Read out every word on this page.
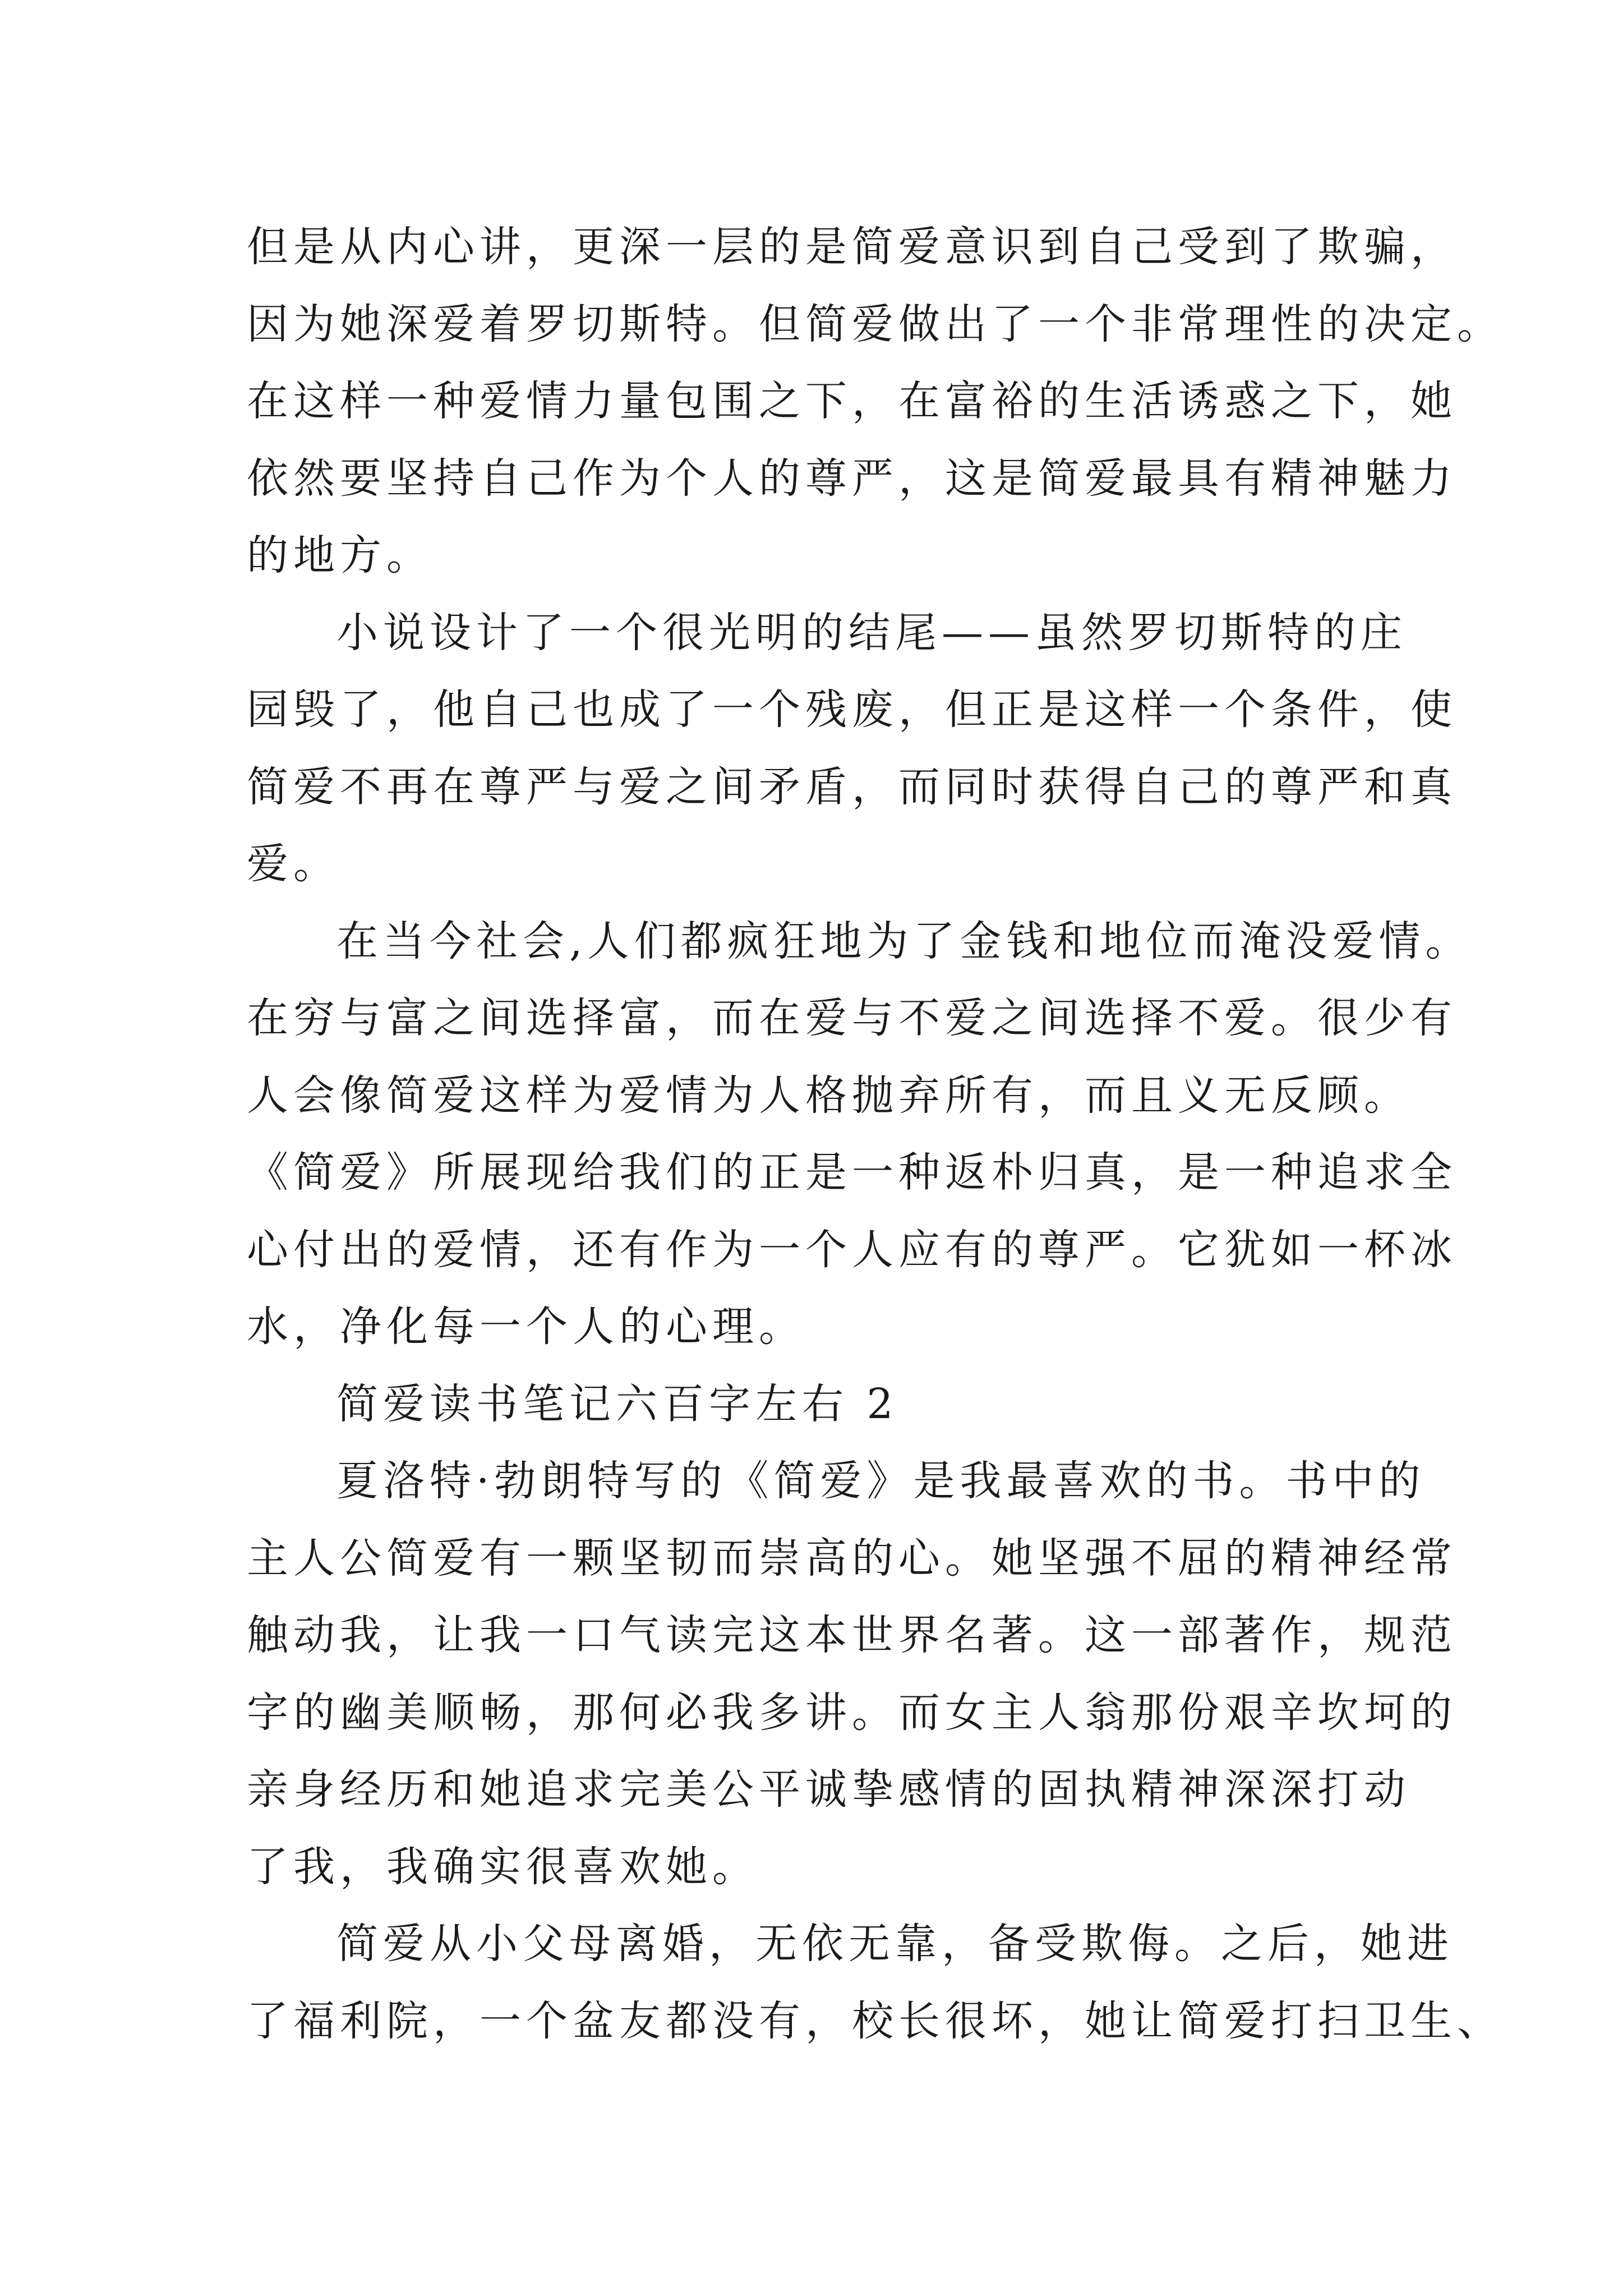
但是从内心讲，更深一层的是简爱意识到自己受到了欺骗，
因为她深爱着罗切斯特。但简爱做出了一个非常理性的决定。
在这样一种爱情力量包围之下，在富裕的生活诱惑之下，她
依然要坚持自己作为个人的尊严，这是简爱最具有精神魅力
的地方。
小说设计了一个很光明的结尾——虽然罗切斯特的庄
园毁了，他自己也成了一个残废，但正是这样一个条件，使
简爱不再在尊严与爱之间矛盾，而同时获得自己的尊严和真
爱。
在当今社会,人们都疯狂地为了金钱和地位而淹没爱情。
在穷与富之间选择富，而在爱与不爱之间选择不爱。很少有
人会像简爱这样为爱情为人格抛弃所有，而且义无反顾。
《简爱》所展现给我们的正是一种返朴归真，是一种追求全
心付出的爱情，还有作为一个人应有的尊严。它犹如一杯冰
水，净化每一个人的心理。
简爱读书笔记六百字左右 2
夏洛特·勃朗特写的《简爱》是我最喜欢的书。书中的
主人公简爱有一颗坚韧而崇高的心。她坚强不屈的精神经常
触动我，让我一口气读完这本世界名著。这一部著作，规范
字的幽美顺畅，那何必我多讲。而女主人翁那份艰辛坎坷的
亲身经历和她追求完美公平诚挚感情的固执精神深深打动
了我，我确实很喜欢她。
简爱从小父母离婚，无依无靠，备受欺侮。之后，她进
了福利院，一个盆友都没有，校长很坏，她让简爱打扫卫生、
